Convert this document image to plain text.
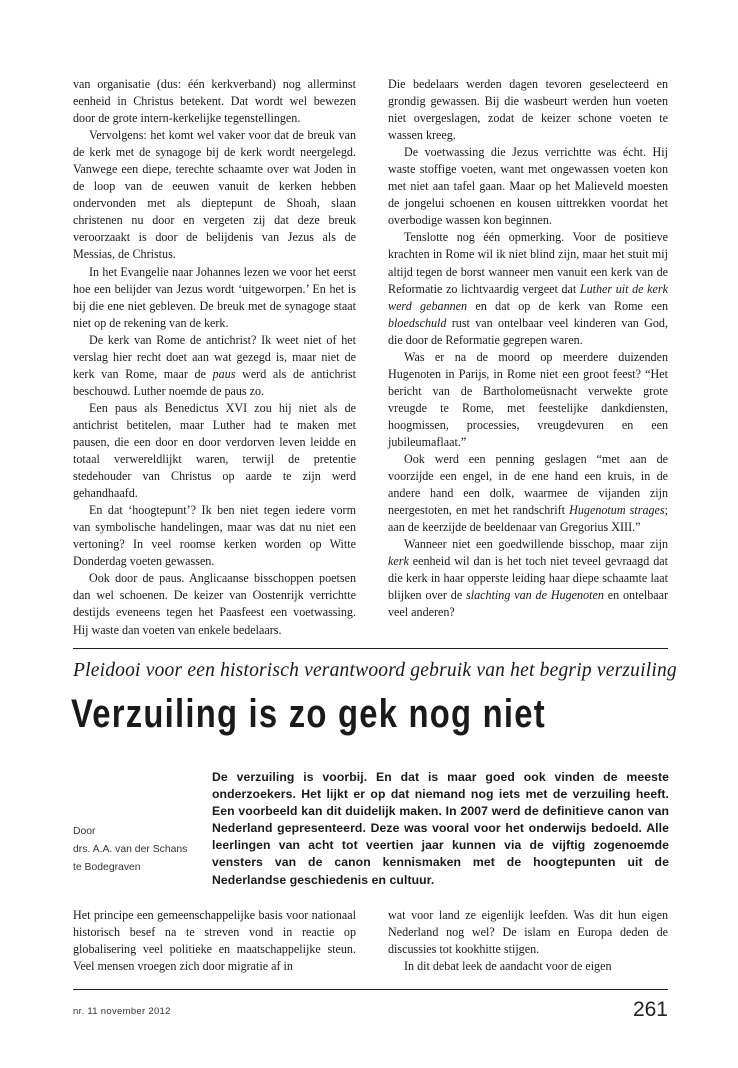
van organisatie (dus: één kerkverband) nog allerminst eenheid in Christus betekent. Dat wordt wel bewezen door de grote intern-kerkelijke tegenstellingen.

Vervolgens: het komt wel vaker voor dat de breuk van de kerk met de synagoge bij de kerk wordt neergelegd. Vanwege een diepe, terechte schaamte over wat Joden in de loop van de eeuwen vanuit de kerken hebben ondervonden met als dieptepunt de Shoah, slaan christenen nu door en vergeten zij dat deze breuk veroorzaakt is door de belijdenis van Jezus als de Messias, de Christus.

In het Evangelie naar Johannes lezen we voor het eerst hoe een belijder van Jezus wordt ‘uitgeworpen.’ En het is bij die ene niet gebleven. De breuk met de synagoge staat niet op de rekening van de kerk.

De kerk van Rome de antichrist? Ik weet niet of het verslag hier recht doet aan wat gezegd is, maar niet de kerk van Rome, maar de paus werd als de antichrist beschouwd. Luther noemde de paus zo.

Een paus als Benedictus XVI zou hij niet als de antichrist betitelen, maar Luther had te maken met pausen, die een door en door verdorven leven leidde en totaal verwereldlijkt waren, terwijl de pretentie stedehouder van Christus op aarde te zijn werd gehandhaafd.

En dat ‘hoogtepunt’? Ik ben niet tegen iedere vorm van symbolische handelingen, maar was dat nu niet een vertoning? In veel roomse kerken worden op Witte Donderdag voeten gewassen.

Ook door de paus. Anglicaanse bisschoppen poetsen dan wel schoenen. De keizer van Oostenrijk verrichtte destijds eveneens tegen het Paasfeest een voetwassing. Hij waste dan voeten van enkele bedelaars.

Die bedelaars werden dagen tevoren geselecteerd en grondig gewassen. Bij die wasbeurt werden hun voeten niet overgeslagen, zodat de keizer schone voeten te wassen kreeg.

De voetwassing die Jezus verrichtte was écht. Hij waste stoffige voeten, want met ongewassen voeten kon met niet aan tafel gaan. Maar op het Malieveld moesten de jongelui schoenen en kousen uittrekken voordat het overbodige wassen kon beginnen.

Tenslotte nog één opmerking. Voor de positieve krachten in Rome wil ik niet blind zijn, maar het stuit mij altijd tegen de borst wanneer men vanuit een kerk van de Reformatie zo lichtvaardig vergeet dat Luther uit de kerk werd gebannen en dat op de kerk van Rome een bloedschuld rust van ontelbaar veel kinderen van God, die door de Reformatie gegrepen waren.

Was er na de moord op meerdere duizenden Hugenoten in Parijs, in Rome niet een groot feest? “Het bericht van de Bartholomeüsnacht verwekte grote vreugde te Rome, met feestelijke dankdiensten, hoogmissen, processies, vreugdevuren en een jubileumaflaat.”

Ook werd een penning geslagen “met aan de voorzijde een engel, in de ene hand een kruis, in de andere hand een dolk, waarmee de vijanden zijn neergestoten, en met het randschrift Hugenotum strages; aan de keerzijde de beeldenaar van Gregorius XIII.”

Wanneer niet een goedwillende bisschop, maar zijn kerk eenheid wil dan is het toch niet teveel gevraagd dat die kerk in haar opperste leiding haar diepe schaamte laat blijken over de slachting van de Hugenoten en ontelbaar veel anderen?

Pleidooi voor een historisch verantwoord gebruik van het begrip verzuiling
Verzuiling is zo gek nog niet
Door
drs. A.A. van der Schans
te Bodegraven
De verzuiling is voorbij. En dat is maar goed ook vinden de meeste onderzoekers. Het lijkt er op dat niemand nog iets met de verzuiling heeft. Een voorbeeld kan dit duidelijk maken. In 2007 werd de definitieve canon van Nederland gepresenteerd. Deze was vooral voor het onderwijs bedoeld. Alle leerlingen van acht tot veertien jaar kunnen via de vijftig zogenoemde vensters van de canon kennismaken met de hoogtepunten uit de Nederlandse geschiedenis en cultuur.

Het principe een gemeenschappelijke basis voor nationaal historisch besef na te streven vond in reactie op globalisering veel politieke en maatschappelijke steun. Veel mensen vroegen zich door migratie af in

wat voor land ze eigenlijk leefden. Was dit hun eigen Nederland nog wel? De islam en Europa deden de discussies tot kookhitte stijgen.

In dit debat leek de aandacht voor de eigen

nr. 11 november 2012	261
